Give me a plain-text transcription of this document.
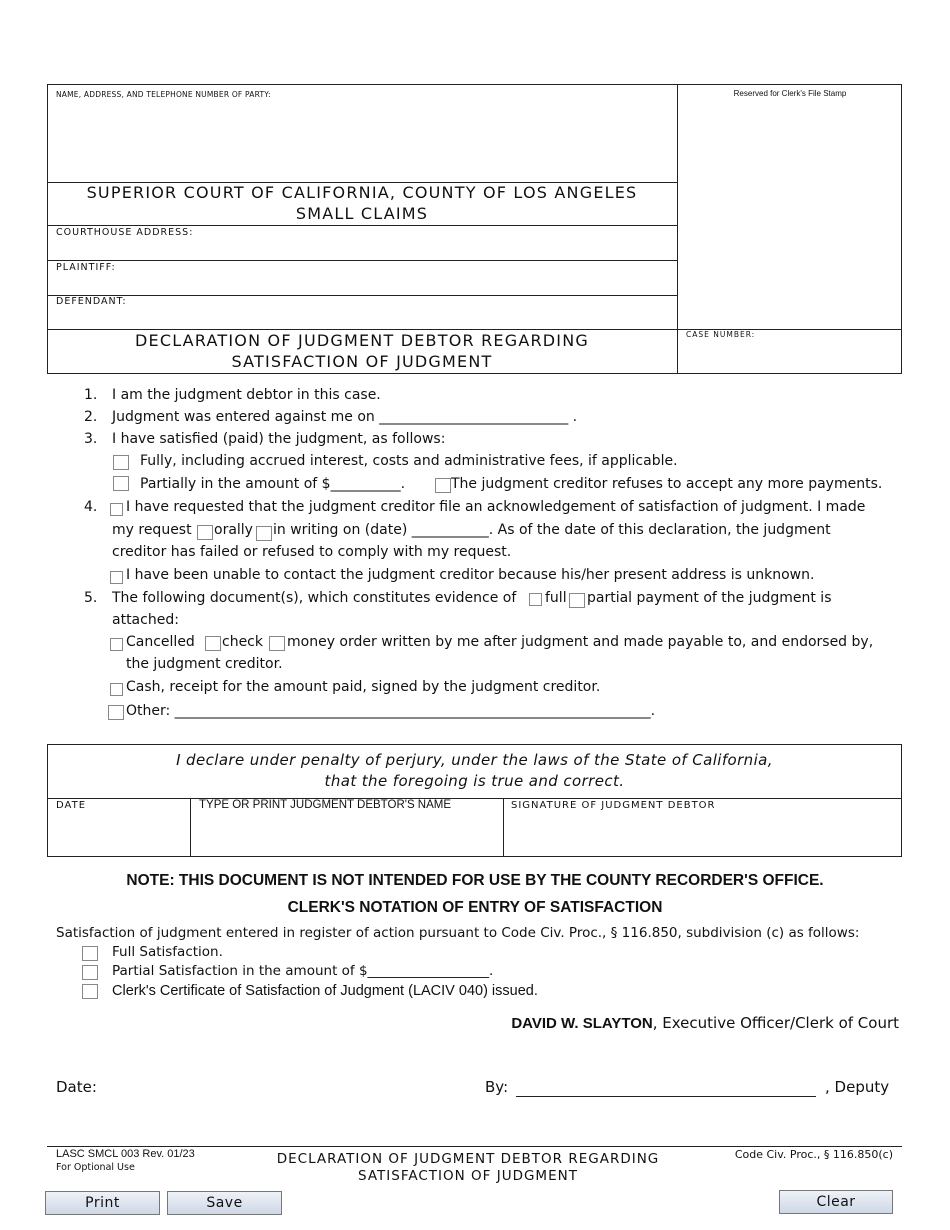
NAME, ADDRESS, AND TELEPHONE NUMBER OF PARTY:	Reserved for Clerk's File Stamp
SUPERIOR COURT OF CALIFORNIA, COUNTY OF LOS ANGELES
SMALL CLAIMS
COURTHOUSE ADDRESS:
PLAINTIFF:
DEFENDANT:
DECLARATION OF JUDGMENT DEBTOR REGARDING
SATISFACTION OF JUDGMENT
CASE NUMBER:
1. I am the judgment debtor in this case.
2. Judgment was entered against me on ___________________________ .
3. I have satisfied (paid) the judgment, as follows:
Fully, including accrued interest, costs and administrative fees, if applicable.
Partially in the amount of $__________.	The judgment creditor refuses to accept any more payments.
4. I have requested that the judgment creditor file an acknowledgement of satisfaction of judgment. I made
my request orally in writing on (date) ___________. As of the date of this declaration, the judgment
creditor has failed or refused to comply with my request.
I have been unable to contact the judgment creditor because his/her present address is unknown.
5. The following document(s), which constitutes evidence of full partial payment of the judgment is
attached:
Cancelled check money order written by me after judgment and made payable to, and endorsed by,
the judgment creditor.
Cash, receipt for the amount paid, signed by the judgment creditor.
Other: ____________________________________________________________________.
I declare under penalty of perjury, under the laws of the State of California,
that the foregoing is true and correct.
DATE	TYPE OR PRINT JUDGMENT DEBTOR'S NAME	SIGNATURE OF JUDGMENT DEBTOR
NOTE: THIS DOCUMENT IS NOT INTENDED FOR USE BY THE COUNTY RECORDER'S OFFICE.
CLERK'S NOTATION OF ENTRY OF SATISFACTION
Satisfaction of judgment entered in register of action pursuant to Code Civ. Proc., § 116.850, subdivision (c) as follows:
Full Satisfaction.
Partial Satisfaction in the amount of $__________________.
Clerk's Certificate of Satisfaction of Judgment (LACIV 040) issued.
DAVID W. SLAYTON, Executive Officer/Clerk of Court
Date:	By:	, Deputy
LASC SMCL 003 Rev. 01/23
For Optional Use
DECLARATION OF JUDGMENT DEBTOR REGARDING
SATISFACTION OF JUDGMENT
Code Civ. Proc., § 116.850(c)
Print	Save	Clear
